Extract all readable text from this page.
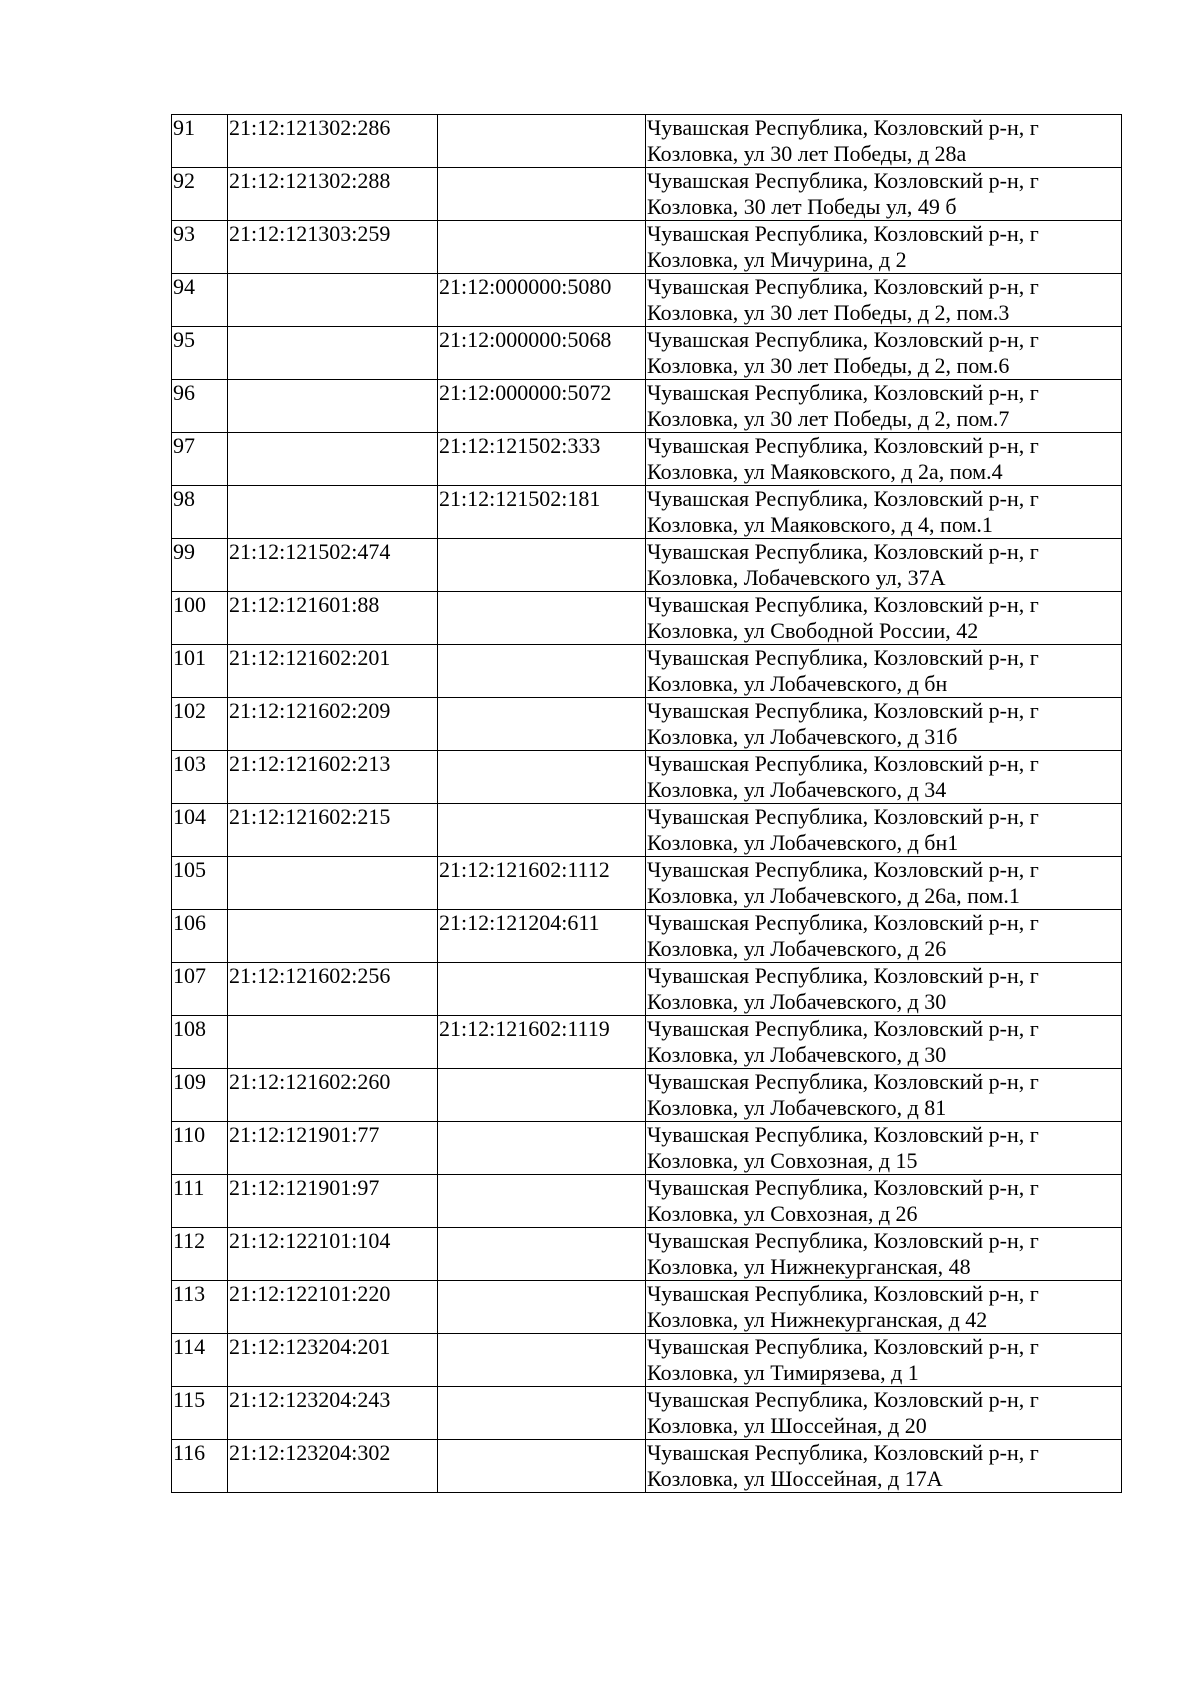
91	21:12:121302:286		Чувашская Республика, Козловский р-н, г
Козловка, ул 30 лет Победы, д 28а

92	21:12:121302:288		Чувашская Республика, Козловский р-н, г
Козловка, 30 лет Победы ул, 49 б

93	21:12:121303:259		Чувашская Республика, Козловский р-н, г
Козловка, ул Мичурина, д 2

94		21:12:000000:5080	Чувашская Республика, Козловский р-н, г
Козловка, ул 30 лет Победы, д 2, пом.3

95		21:12:000000:5068	Чувашская Республика, Козловский р-н, г
Козловка, ул 30 лет Победы, д 2, пом.6

96		21:12:000000:5072	Чувашская Республика, Козловский р-н, г
Козловка, ул 30 лет Победы, д 2, пом.7

97		21:12:121502:333	Чувашская Республика, Козловский р-н, г
Козловка, ул Маяковского, д 2а, пом.4

98		21:12:121502:181	Чувашская Республика, Козловский р-н, г
Козловка, ул Маяковского, д 4, пом.1

99	21:12:121502:474		Чувашская Республика, Козловский р-н, г
Козловка, Лобачевского ул, 37А

100	21:12:121601:88		Чувашская Республика, Козловский р-н, г
Козловка, ул Свободной России, 42

101	21:12:121602:201		Чувашская Республика, Козловский р-н, г
Козловка, ул Лобачевского, д бн

102	21:12:121602:209		Чувашская Республика, Козловский р-н, г
Козловка, ул Лобачевского, д 31б

103	21:12:121602:213		Чувашская Республика, Козловский р-н, г
Козловка, ул Лобачевского, д 34

104	21:12:121602:215		Чувашская Республика, Козловский р-н, г
Козловка, ул Лобачевского, д бн1

105		21:12:121602:1112	Чувашская Республика, Козловский р-н, г
Козловка, ул Лобачевского, д 26а, пом.1

106		21:12:121204:611	Чувашская Республика, Козловский р-н, г
Козловка, ул Лобачевского, д 26

107	21:12:121602:256		Чувашская Республика, Козловский р-н, г
Козловка, ул Лобачевского, д 30

108		21:12:121602:1119	Чувашская Республика, Козловский р-н, г
Козловка, ул Лобачевского, д 30

109	21:12:121602:260		Чувашская Республика, Козловский р-н, г
Козловка, ул Лобачевского, д 81

110	21:12:121901:77		Чувашская Республика, Козловский р-н, г
Козловка, ул Совхозная, д 15

111	21:12:121901:97		Чувашская Республика, Козловский р-н, г
Козловка, ул Совхозная, д 26

112	21:12:122101:104		Чувашская Республика, Козловский р-н, г
Козловка, ул Нижнекурганская, 48

113	21:12:122101:220		Чувашская Республика, Козловский р-н, г
Козловка, ул Нижнекурганская, д 42

114	21:12:123204:201		Чувашская Республика, Козловский р-н, г
Козловка, ул Тимирязева, д 1

115	21:12:123204:243		Чувашская Республика, Козловский р-н, г
Козловка, ул Шоссейная, д 20

116	21:12:123204:302		Чувашская Республика, Козловский р-н, г
Козловка, ул Шоссейная, д 17А
